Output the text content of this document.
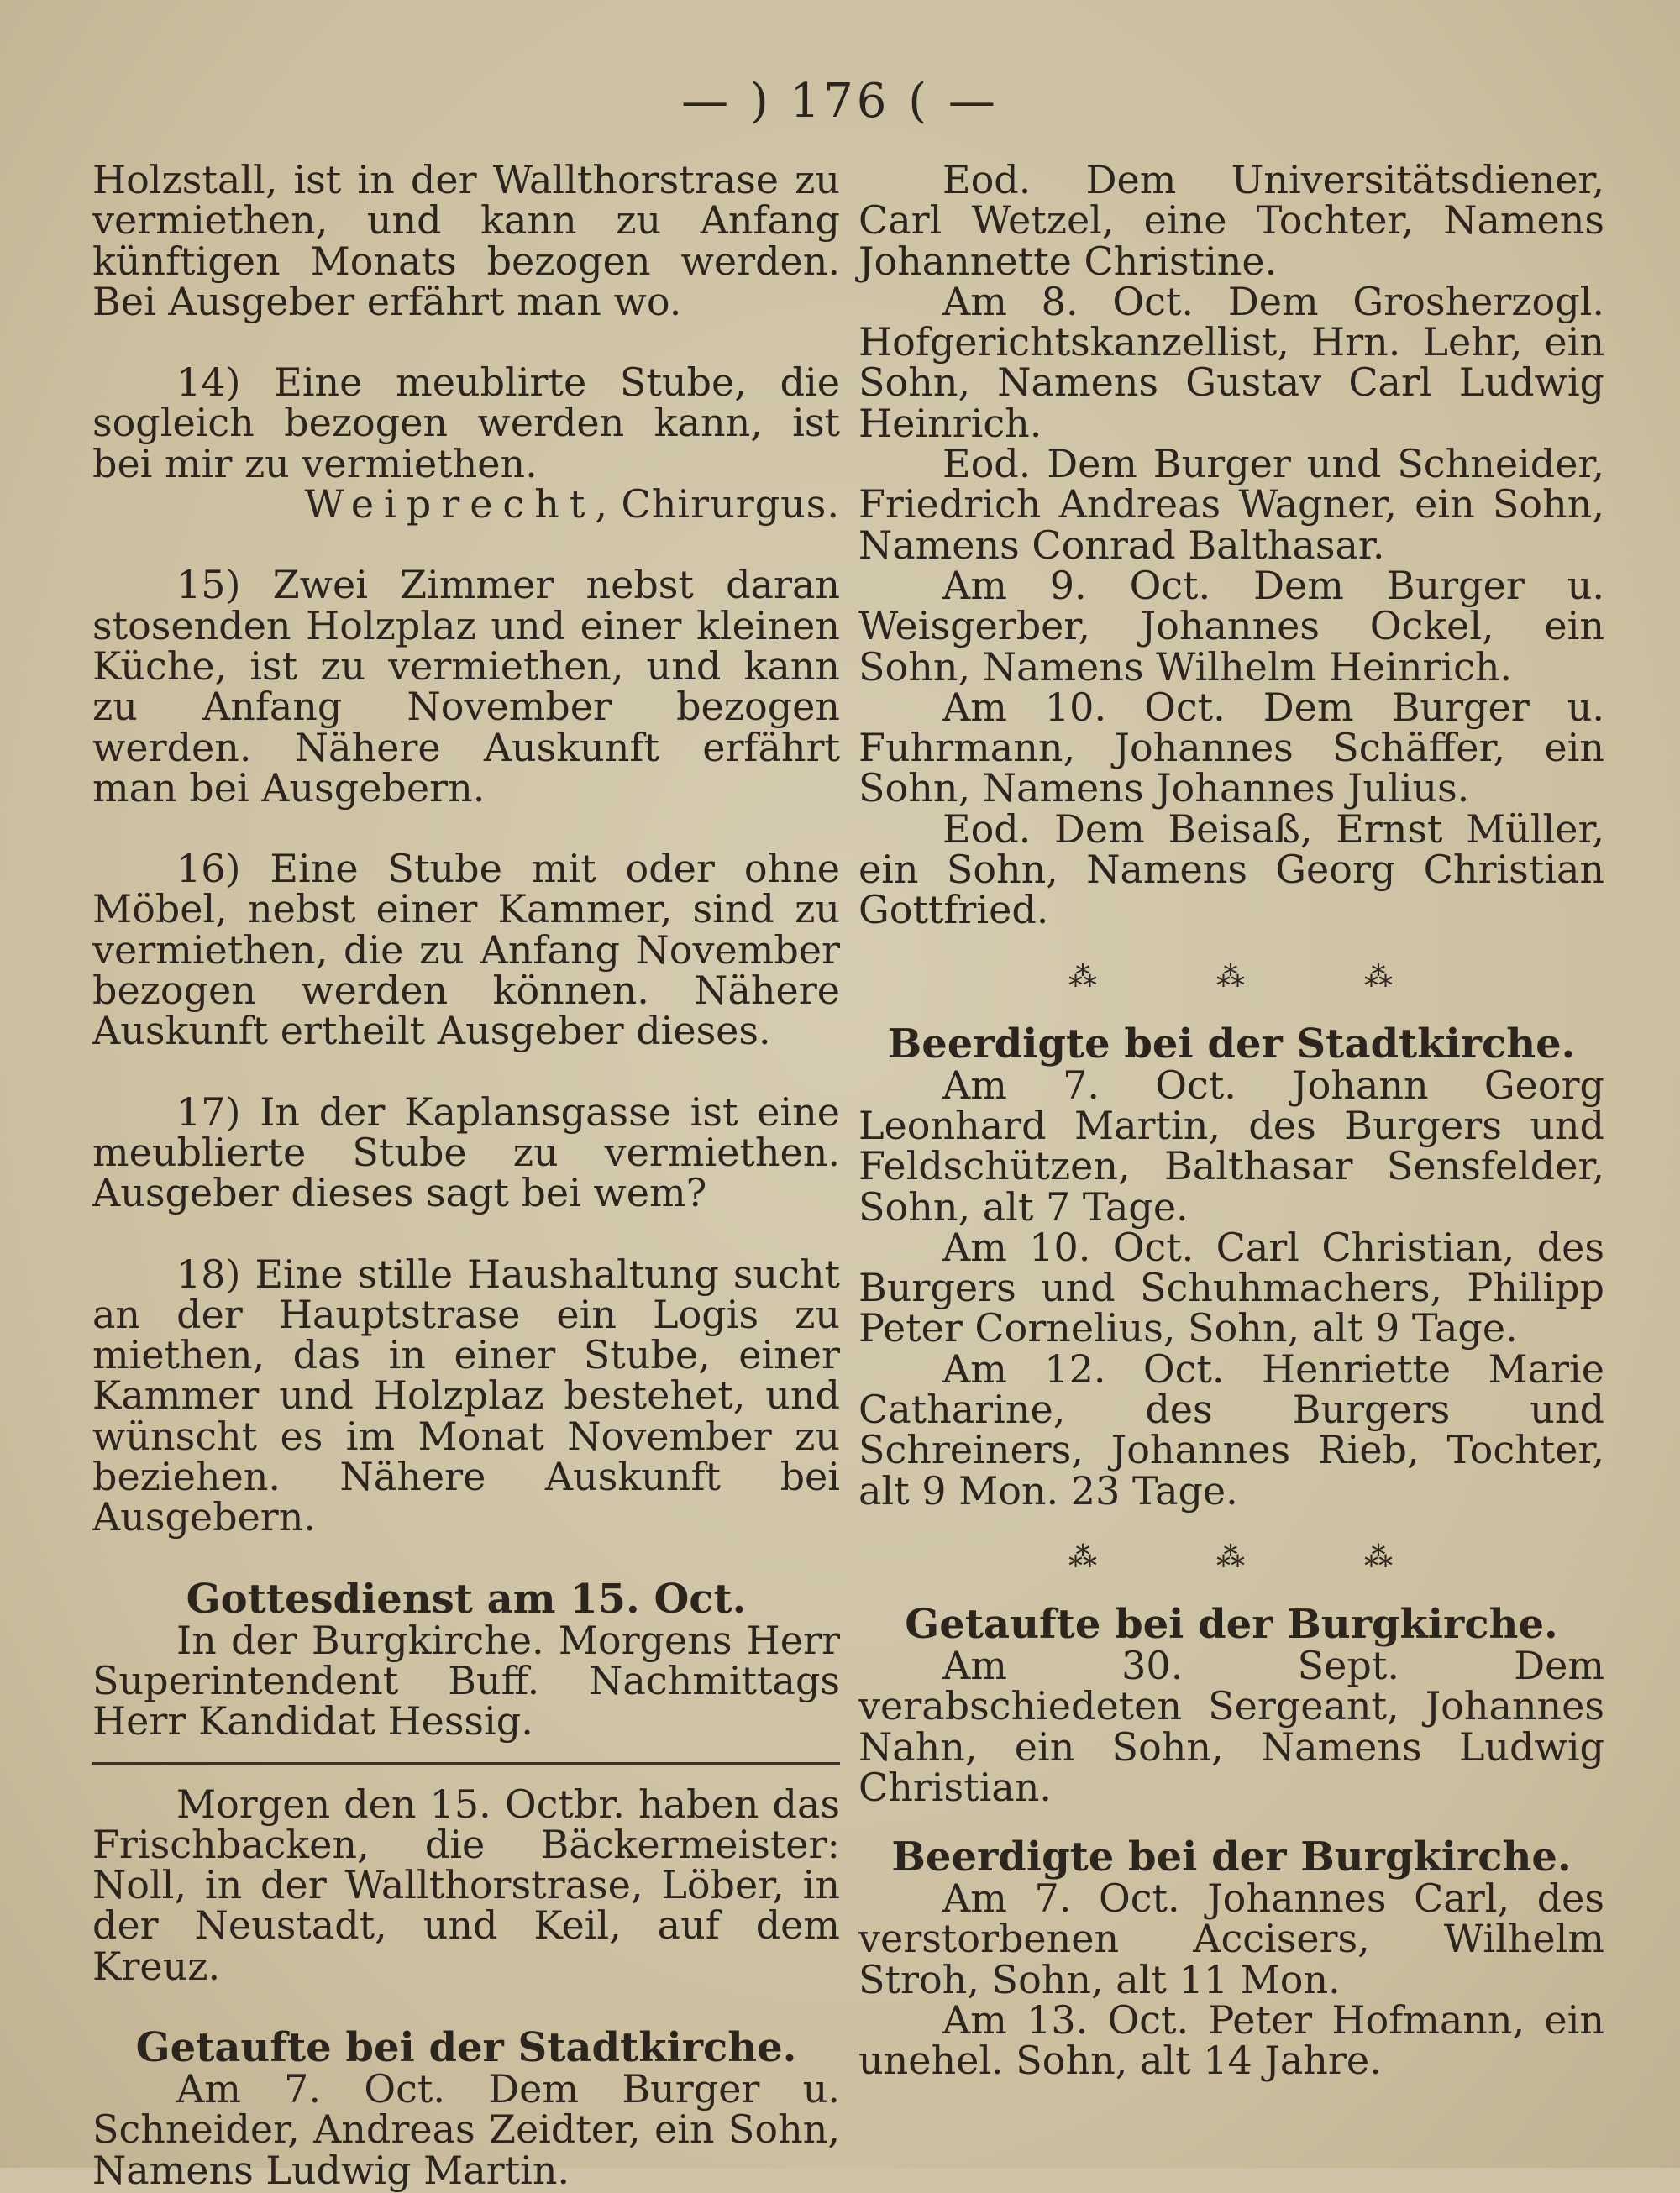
— ) 176 ( —

Holzstall, ist in der Wallthorstrase zu vermiethen, und kann zu Anfang künftigen Monats bezogen werden. Bei Ausgeber erfährt man wo.

14) Eine meublirte Stube, die sogleich bezogen werden kann, ist bei mir zu vermiethen.

Weiprecht, Chirurgus.

15) Zwei Zimmer nebst daran stosenden Holzplaz und einer kleinen Küche, ist zu vermiethen, und kann zu Anfang November bezogen werden. Nähere Auskunft erfährt man bei Ausgebern.

16) Eine Stube mit oder ohne Möbel, nebst einer Kammer, sind zu vermiethen, die zu Anfang November bezogen werden können. Nähere Auskunft ertheilt Ausgeber dieses.

17) In der Kaplansgasse ist eine meublierte Stube zu vermiethen. Ausgeber dieses sagt bei wem?

18) Eine stille Haushaltung sucht an der Hauptstrase ein Logis zu miethen, das in einer Stube, einer Kammer und Holzplaz bestehet, und wünscht es im Monat November zu beziehen. Nähere Auskunft bei Ausgebern.

Gottesdienst am 15. Oct.

In der Burgkirche. Morgens Herr Superintendent Buff. Nachmittags Herr Kandidat Hessig.

Morgen den 15. Octbr. haben das Frischbacken, die Bäckermeister: Noll, in der Wallthorstrase, Löber, in der Neustadt, und Keil, auf dem Kreuz.

Getaufte bei der Stadtkirche.

Am 7. Oct. Dem Burger u. Schneider, Andreas Zeidter, ein Sohn, Namens Ludwig Martin.

Eod. Dem Universitätsdiener, Carl Wetzel, eine Tochter, Namens Johannette Christine.

Am 8. Oct. Dem Grosherzogl. Hofgerichtskanzellist, Hrn. Lehr, ein Sohn, Namens Gustav Carl Ludwig Heinrich.

Eod. Dem Burger und Schneider, Friedrich Andreas Wagner, ein Sohn, Namens Conrad Balthasar.

Am 9. Oct. Dem Burger u. Weisgerber, Johannes Ockel, ein Sohn, Namens Wilhelm Heinrich.

Am 10. Oct. Dem Burger u. Fuhrmann, Johannes Schäffer, ein Sohn, Namens Johannes Julius.

Eod. Dem Beisaß, Ernst Müller, ein Sohn, Namens Georg Christian Gottfried.

⁂	⁂	⁂

Beerdigte bei der Stadtkirche.

Am 7. Oct. Johann Georg Leonhard Martin, des Burgers und Feldschützen, Balthasar Sensfelder, Sohn, alt 7 Tage.

Am 10. Oct. Carl Christian, des Burgers und Schuhmachers, Philipp Peter Cornelius, Sohn, alt 9 Tage.

Am 12. Oct. Henriette Marie Catharine, des Burgers und Schreiners, Johannes Rieb, Tochter, alt 9 Mon. 23 Tage.

⁂	⁂	⁂

Getaufte bei der Burgkirche.

Am 30. Sept. Dem verabschiedeten Sergeant, Johannes Nahn, ein Sohn, Namens Ludwig Christian.

Beerdigte bei der Burgkirche.

Am 7. Oct. Johannes Carl, des verstorbenen Accisers, Wilhelm Stroh, Sohn, alt 11 Mon.

Am 13. Oct. Peter Hofmann, ein unehel. Sohn, alt 14 Jahre.
